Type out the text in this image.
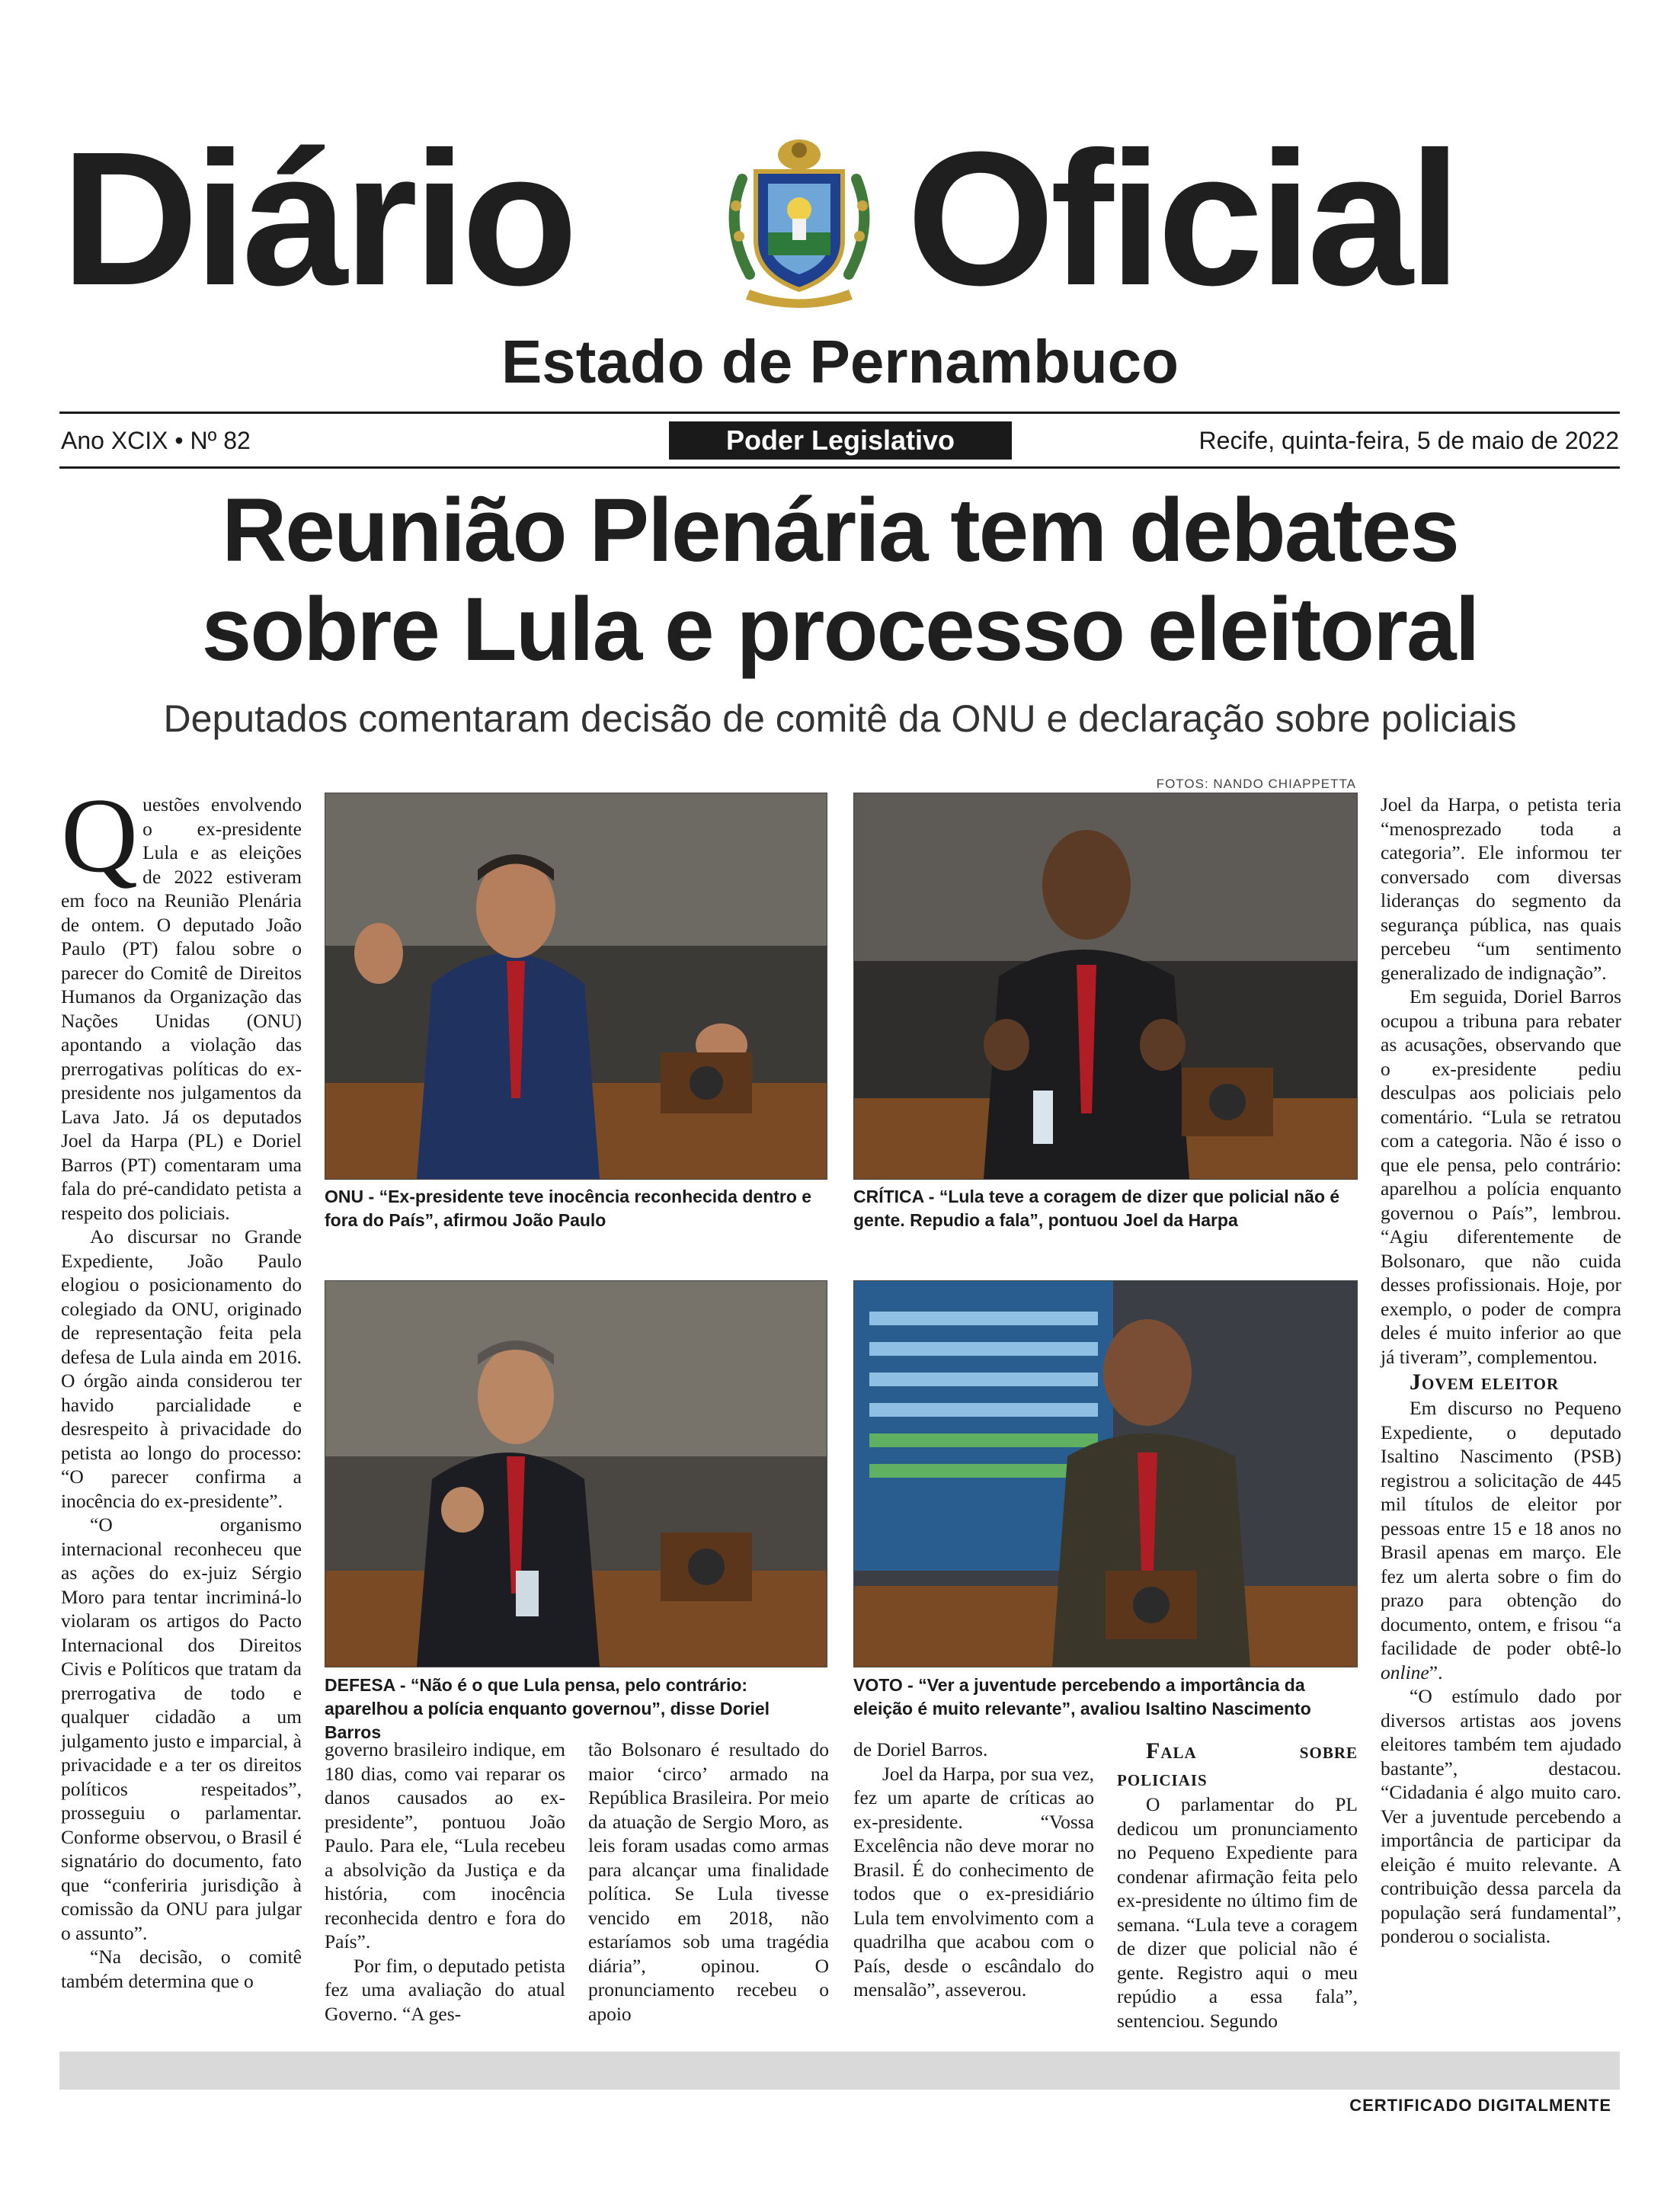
Diário Oficial
Estado de Pernambuco
Ano XCIX • Nº 82	Poder Legislativo	Recife, quinta-feira, 5 de maio de 2022
Reunião Plenária tem debates
sobre Lula e processo eleitoral
Deputados comentaram decisão de comitê da ONU e declaração sobre policiais
FOTOS: NANDO CHIAPPETTA
ONU - “Ex-presidente teve inocência reconhecida dentro e fora do País”, afirmou João Paulo
CRÍTICA - “Lula teve a coragem de dizer que policial não é gente. Repudio a fala”, pontuou Joel da Harpa
DEFESA - “Não é o que Lula pensa, pelo contrário: aparelhou a polícia enquanto governou”, disse Doriel Barros
VOTO - “Ver a juventude percebendo a importância da eleição é muito relevante”, avaliou Isaltino Nascimento

Questões envolvendo o ex-presidente Lula e as eleições de 2022 estiveram em foco na Reunião Plenária de ontem. O deputado João Paulo (PT) falou sobre o parecer do Comitê de Direitos Humanos da Organização das Nações Unidas (ONU) apontando a violação das prerrogativas políticas do ex-presidente nos julgamentos da Lava Jato. Já os deputados Joel da Harpa (PL) e Doriel Barros (PT) comentaram uma fala do pré-candidato petista a respeito dos policiais.

Ao discursar no Grande Expediente, João Paulo elogiou o posicionamento do colegiado da ONU, originado de representação feita pela defesa de Lula ainda em 2016. O órgão ainda considerou ter havido parcialidade e desrespeito à privacidade do petista ao longo do processo: “O parecer confirma a inocência do ex-presidente”.

“O organismo internacional reconheceu que as ações do ex-juiz Sérgio Moro para tentar incriminá-lo violaram os artigos do Pacto Internacional dos Direitos Civis e Políticos que tratam da prerrogativa de todo e qualquer cidadão a um julgamento justo e imparcial, à privacidade e a ter os direitos políticos respeitados”, prosseguiu o parlamentar. Conforme observou, o Brasil é signatário do documento, fato que “conferiria jurisdição à comissão da ONU para julgar o assunto”.

“Na decisão, o comitê também determina que o

governo brasileiro indique, em 180 dias, como vai reparar os danos causados ao ex-presidente”, pontuou João Paulo. Para ele, “Lula recebeu a absolvição da Justiça e da história, com inocência reconhecida dentro e fora do País”.

Por fim, o deputado petista fez uma avaliação do atual Governo. “A ges-

tão Bolsonaro é resultado do maior ‘circo’ armado na República Brasileira. Por meio da atuação de Sergio Moro, as leis foram usadas como armas para alcançar uma finalidade política. Se Lula tivesse vencido em 2018, não estaríamos sob uma tragédia diária”, opinou. O pronunciamento recebeu o apoio

de Doriel Barros.

Joel da Harpa, por sua vez, fez um aparte de críticas ao ex-presidente. “Vossa Excelência não deve morar no Brasil. É do conhecimento de todos que o ex-presidiário Lula tem envolvimento com a quadrilha que acabou com o País, desde o escândalo do mensalão”, asseverou.

Fala sobre policiais

O parlamentar do PL dedicou um pronunciamento no Pequeno Expediente para condenar afirmação feita pelo ex-presidente no último fim de semana. “Lula teve a coragem de dizer que policial não é gente. Registro aqui o meu repúdio a essa fala”, sentenciou. Segundo

Joel da Harpa, o petista teria “menosprezado toda a categoria”. Ele informou ter conversado com diversas lideranças do segmento da segurança pública, nas quais percebeu “um sentimento generalizado de indignação”.

Em seguida, Doriel Barros ocupou a tribuna para rebater as acusações, observando que o ex-presidente pediu desculpas aos policiais pelo comentário. “Lula se retratou com a categoria. Não é isso o que ele pensa, pelo contrário: aparelhou a polícia enquanto governou o País”, lembrou. “Agiu diferentemente de Bolsonaro, que não cuida desses profissionais. Hoje, por exemplo, o poder de compra deles é muito inferior ao que já tiveram”, complementou.

Jovem eleitor

Em discurso no Pequeno Expediente, o deputado Isaltino Nascimento (PSB) registrou a solicitação de 445 mil títulos de eleitor por pessoas entre 15 e 18 anos no Brasil apenas em março. Ele fez um alerta sobre o fim do prazo para obtenção do documento, ontem, e frisou “a facilidade de poder obtê-lo online”.

“O estímulo dado por diversos artistas aos jovens eleitores também tem ajudado bastante”, destacou. “Cidadania é algo muito caro. Ver a juventude percebendo a importância de participar da eleição é muito relevante. A contribuição dessa parcela da população será fundamental”, ponderou o socialista.

CERTIFICADO DIGITALMENTE
